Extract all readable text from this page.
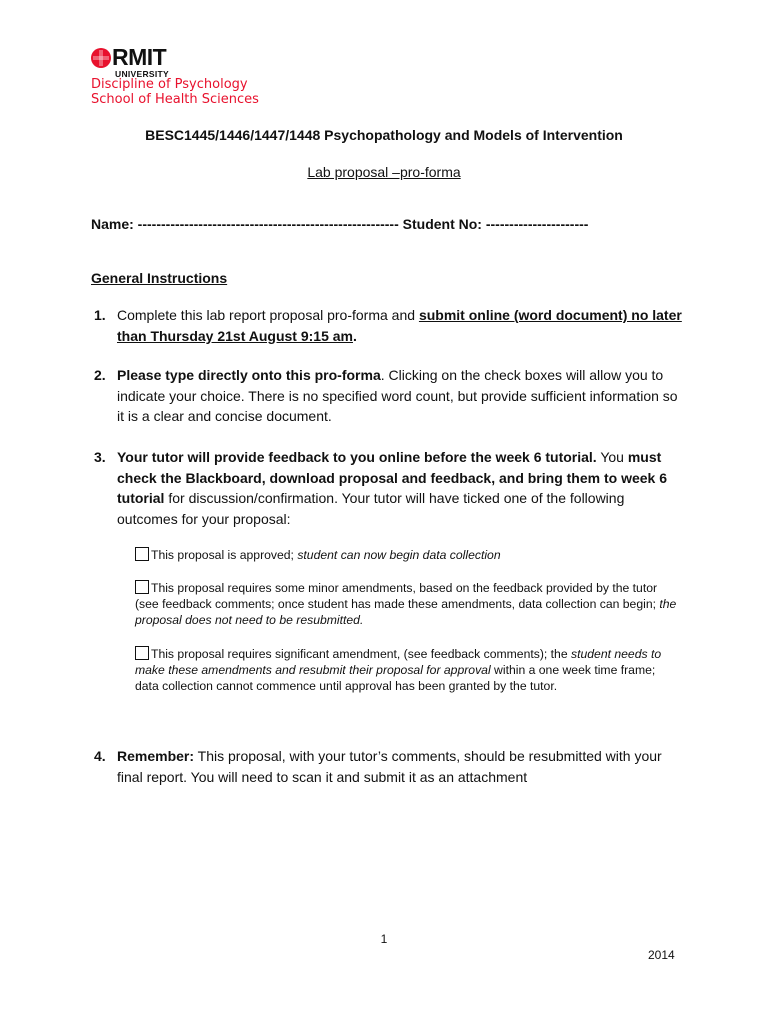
RMIT
UNIVERSITY
Discipline of Psychology
School of Health Sciences
BESC1445/1446/1447/1448 Psychopathology and Models of Intervention
Lab proposal –pro-forma
Name: -------------------------------------------------------- Student No: ----------------------
General Instructions
1. Complete this lab report proposal pro-forma and submit online (word document) no later than Thursday 21st August 9:15 am.
2. Please type directly onto this pro-forma. Clicking on the check boxes will allow you to indicate your choice. There is no specified word count, but provide sufficient information so it is a clear and concise document.
3. Your tutor will provide feedback to you online before the week 6 tutorial. You must check the Blackboard, download proposal and feedback, and bring them to week 6 tutorial for discussion/confirmation. Your tutor will have ticked one of the following outcomes for your proposal:
This proposal is approved; student can now begin data collection
This proposal requires some minor amendments, based on the feedback provided by the tutor (see feedback comments; once student has made these amendments, data collection can begin; the proposal does not need to be resubmitted.
This proposal requires significant amendment, (see feedback comments); the student needs to make these amendments and resubmit their proposal for approval within a one week time frame; data collection cannot commence until approval has been granted by the tutor.
4. Remember: This proposal, with your tutor’s comments, should be resubmitted with your final report. You will need to scan it and submit it as an attachment
1
2014
